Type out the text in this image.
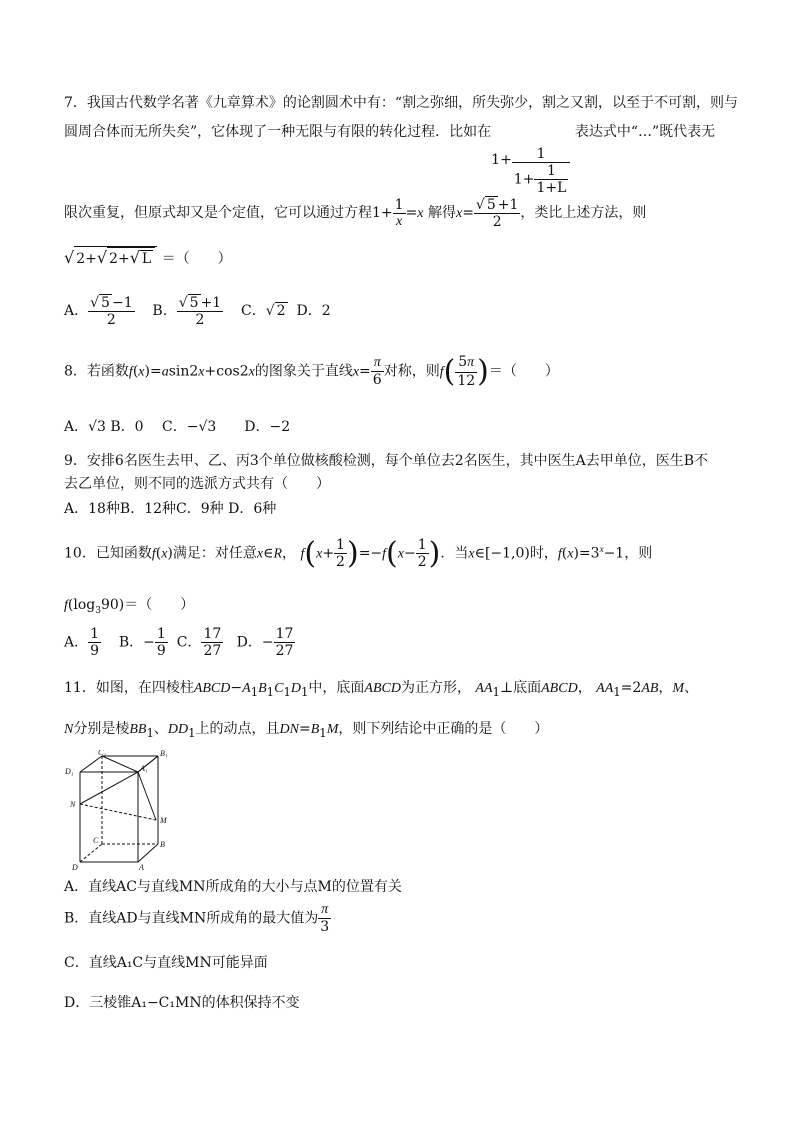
7．我国古代数学名著《九章算术》的论割圆术中有：“割之弥细，所失弥少，割之又割，以至于不可割，则与
圆周合体而无所失矣”，它体现了一种无限与有限的转化过程．比如在$1+ \frac{1}{1+ \frac{1}{1+L}}$
表达式中“…”既代表无
限次重复，但原式却又是个定值，它可以通过方程$1+ \frac{1}{x} =x$ 解得$x= \frac{√ 5 +1}{2}$ ，类比上述方法，则
√ 2+√ 2+√ L ＝（　　）
A． $\frac{√ 5 -1}{2}$ B． $\frac{√ 5 +1}{2}$ C．√ 2 D．2
8．若函数f(x)=asin2x+cos2x的图象关于直线$x= \frac{\pi}{6}$ 对称，则$f( \frac{5\pi}{12}$ )＝（　　）
A．√3 B．0　 C．−√3　　D．−2
9．安排6名医生去甲、乙、丙3个单位做核酸检测，每个单位去2名医生，其中医生A去甲单位，医生B不
去乙单位，则不同的选派方式共有（　　）
A．18种B．12种C．9种 D．6种
10．已知函数f(x)满足：对任意x∈R， $f(x+ \frac{1}{2} )=-f(x- \frac{1}{2}$ )．当x∈[−1,0)时，$f(x)=3^x-1$，则
$f(\log_390)=$（　　）
A． $\frac{1}{9}$ B．− $\frac{1}{9}$ C． $\frac{17}{27}$ D．− $\frac{17}{27}$
11．如图，在四棱柱$ABCD-A_1B_1C_1D_1$中，底面ABCD为正方形， $AA_1\perp$底面ABCD， $AA_1=2AB$，M、
N分别是棱$BB_1$、$DD_1$上的动点，且$DN=B_1M$，则下列结论中正确的是（　　）
C₁	B₁
D₁	A₁
N
M
C	B
D	A
A．直线AC与直线MN所成角的大小与点M的位置有关
B．直线AD与直线MN所成角的最大值为 $\frac{\pi}{3}$
C．直线A₁C与直线MN可能异面
D．三棱锥A₁−C₁MN的体积保持不变
